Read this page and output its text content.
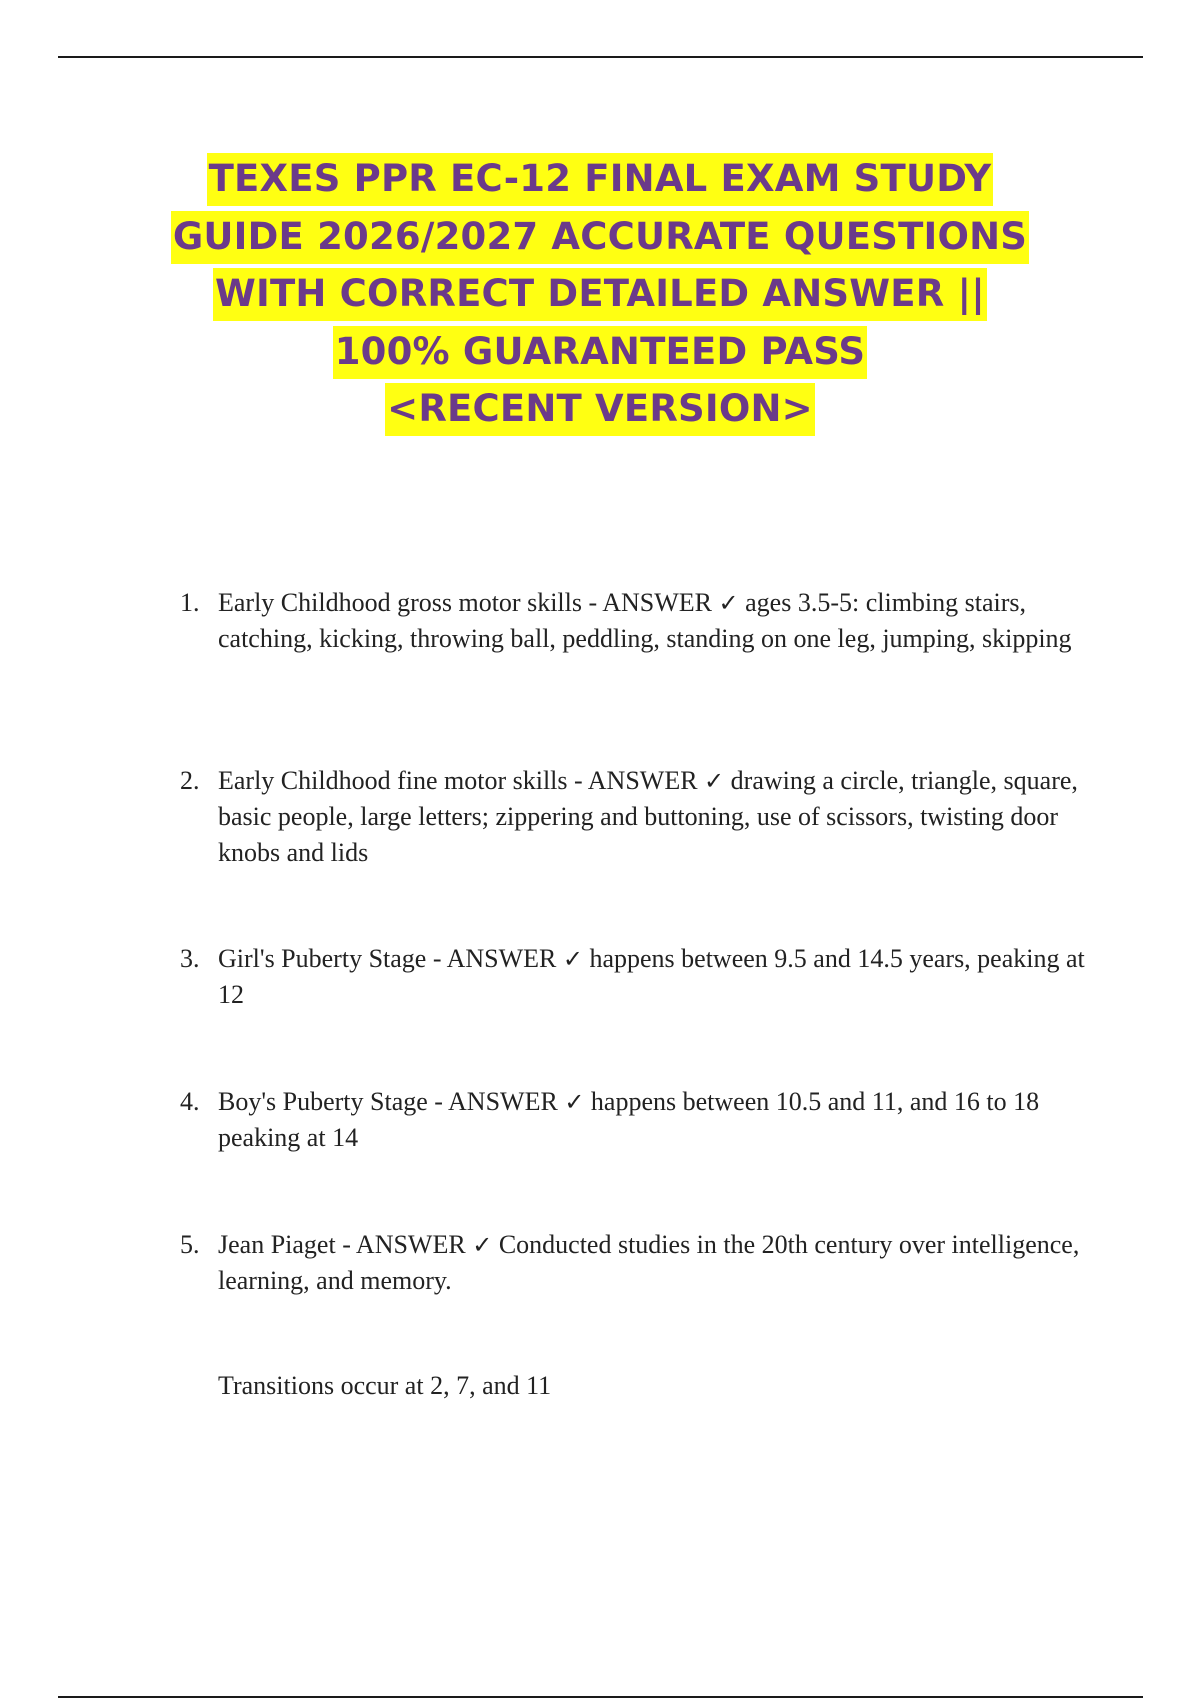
TEXES PPR EC-12 FINAL EXAM STUDY
GUIDE 2026/2027 ACCURATE QUESTIONS
WITH CORRECT DETAILED ANSWER ||
100% GUARANTEED PASS
<RECENT VERSION>
1. Early Childhood gross motor skills - ANSWER ✓ ages 3.5-5: climbing stairs, catching, kicking, throwing ball, peddling, standing on one leg, jumping, skipping
2. Early Childhood fine motor skills - ANSWER ✓ drawing a circle, triangle, square, basic people, large letters; zippering and buttoning, use of scissors, twisting door knobs and lids
3. Girl's Puberty Stage - ANSWER ✓ happens between 9.5 and 14.5 years, peaking at 12
4. Boy's Puberty Stage - ANSWER ✓ happens between 10.5 and 11, and 16 to 18 peaking at 14
5. Jean Piaget - ANSWER ✓ Conducted studies in the 20th century over intelligence, learning, and memory.
Transitions occur at 2, 7, and 11
